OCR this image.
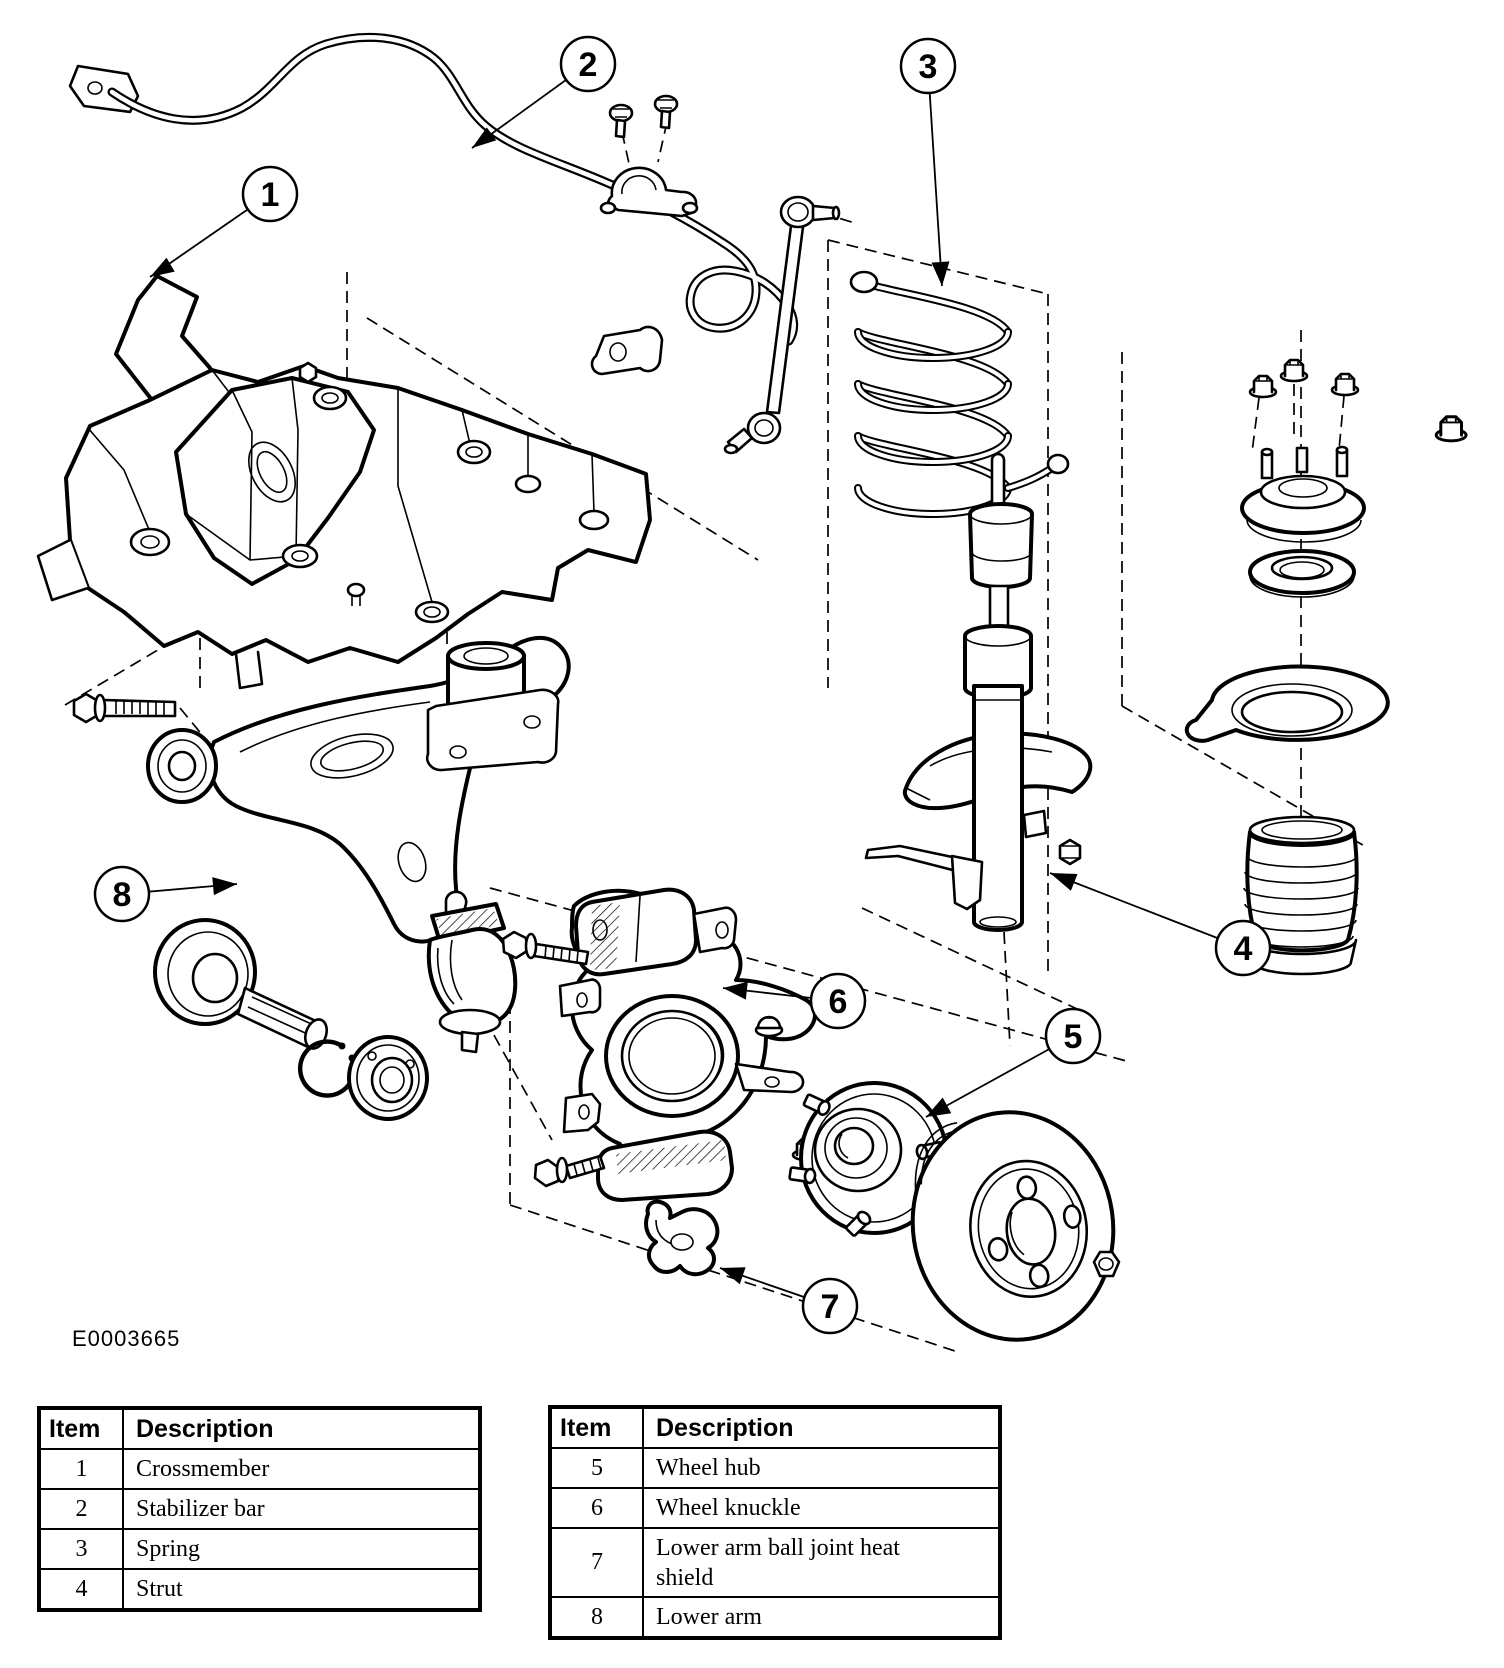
1
2	3
4
5
6
7
8
E0003665
Item	Description
1	Crossmember
2	Stabilizer bar
3	Spring
4	Strut
Item	Description
5	Wheel hub
6	Wheel knuckle
7	Lower arm ball joint heat shield
8	Lower arm
